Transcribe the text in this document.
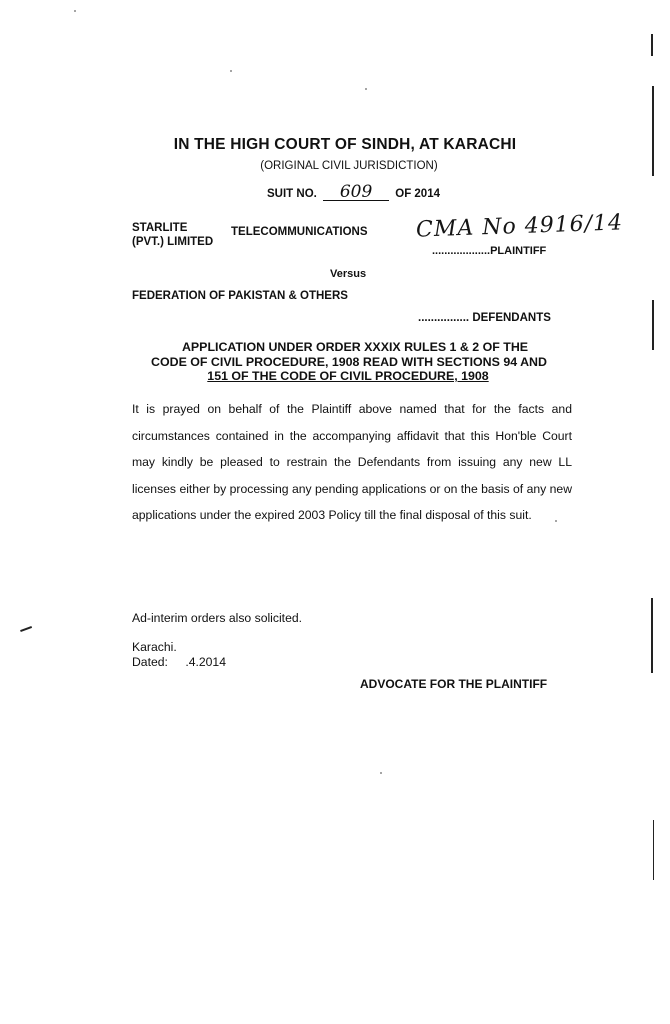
IN THE HIGH COURT OF SINDH, AT KARACHI
(ORIGINAL CIVIL JURISDICTION)
SUIT NO. 609 OF 2014
CMA No 4916/14
STARLITE	TELECOMMUNICATIONS
(PVT.) LIMITED
...................PLAINTIFF
Versus
FEDERATION OF PAKISTAN & OTHERS
................ DEFENDANTS
APPLICATION UNDER ORDER XXXIX RULES 1 & 2 OF THE
CODE OF CIVIL PROCEDURE, 1908 READ WITH SECTIONS 94 AND
151 OF THE CODE OF CIVIL PROCEDURE, 1908
It is prayed on behalf of the Plaintiff above named that for the facts and circumstances contained in the accompanying affidavit that this Hon'ble Court may kindly be pleased to restrain the Defendants from issuing any new LL licenses either by processing any pending applications or on the basis of any new applications under the expired 2003 Policy till the final disposal of this suit.
Ad-interim orders also solicited.
Karachi.
Dated: .4.2014
ADVOCATE FOR THE PLAINTIFF
